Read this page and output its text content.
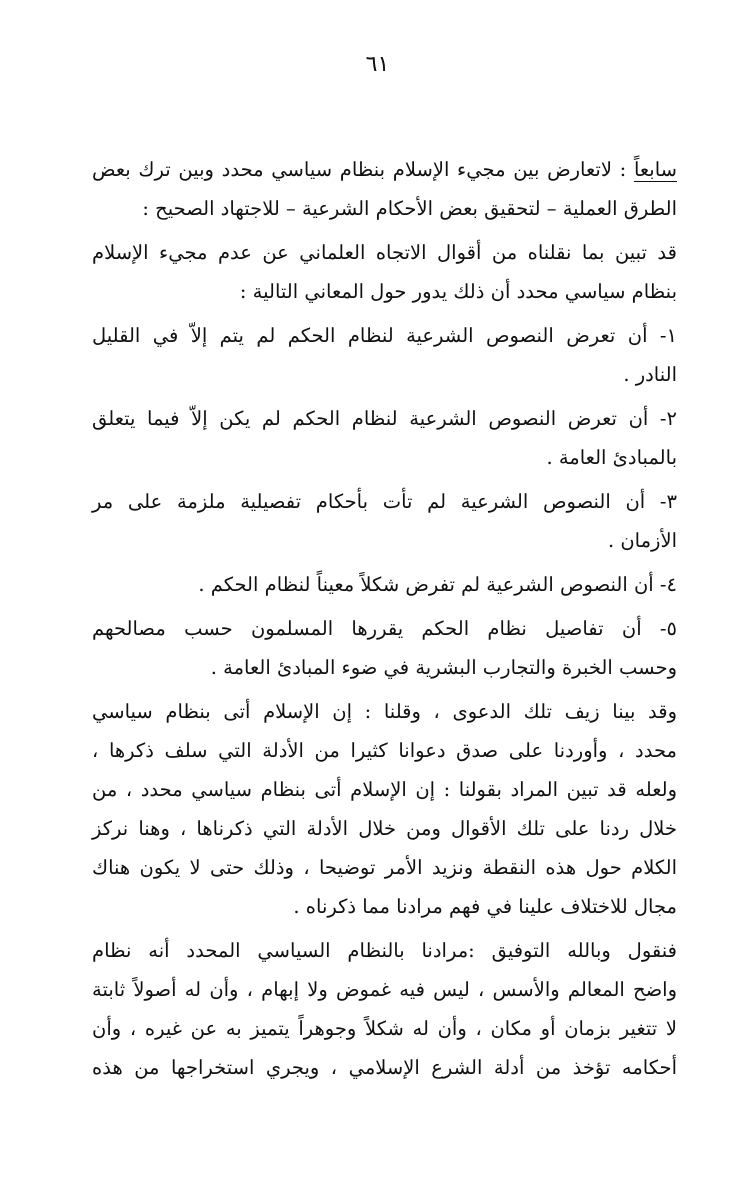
٦١
سابعاً : لاتعارض بين مجيء الإسلام بنظام سياسي محدد وبين ترك بعض
الطرق العملية – لتحقيق بعض الأحكام الشرعية – للاجتهاد الصحيح :
قد تبين بما نقلناه من أقوال الاتجاه العلماني عن عدم مجيء الإسلام
بنظام سياسي محدد أن ذلك يدور حول المعاني التالية :
١- أن تعرض النصوص الشرعية لنظام الحكم لم يتم إلاّ في القليل
النادر .
٢- أن تعرض النصوص الشرعية لنظام الحكم لم يكن إلاّ فيما يتعلق
بالمبادئ العامة .
٣- أن النصوص الشرعية لم تأت بأحكام تفصيلية ملزمة على مر
الأزمان .
٤- أن النصوص الشرعية لم تفرض شكلاً معيناً لنظام الحكم .
٥- أن تفاصيل نظام الحكم يقررها المسلمون حسب مصالحهم
وحسب الخبرة والتجارب البشرية في ضوء المبادئ العامة .
وقد بينا زيف تلك الدعوى ، وقلنا : إن الإسلام أتى بنظام سياسي
محدد ، وأوردنا على صدق دعوانا كثيرا من الأدلة التي سلف ذكرها ،
ولعله قد تبين المراد بقولنا : إن الإسلام أتى بنظام سياسي محدد ، من
خلال ردنا على تلك الأقوال ومن خلال الأدلة التي ذكرناها ، وهنا نركز
الكلام حول هذه النقطة ونزيد الأمر توضيحا ، وذلك حتى لا يكون هناك
مجال للاختلاف علينا في فهم مرادنا مما ذكرناه .
فنقول وبالله التوفيق :مرادنا بالنظام السياسي المحدد أنه نظام
واضح المعالم والأسس ، ليس فيه غموض ولا إبهام ، وأن له أصولاً ثابتة
لا تتغير بزمان أو مكان ، وأن له شكلاً وجوهراً يتميز به عن غيره ، وأن
أحكامه تؤخذ من أدلة الشرع الإسلامي ، ويجري استخراجها من هذه
